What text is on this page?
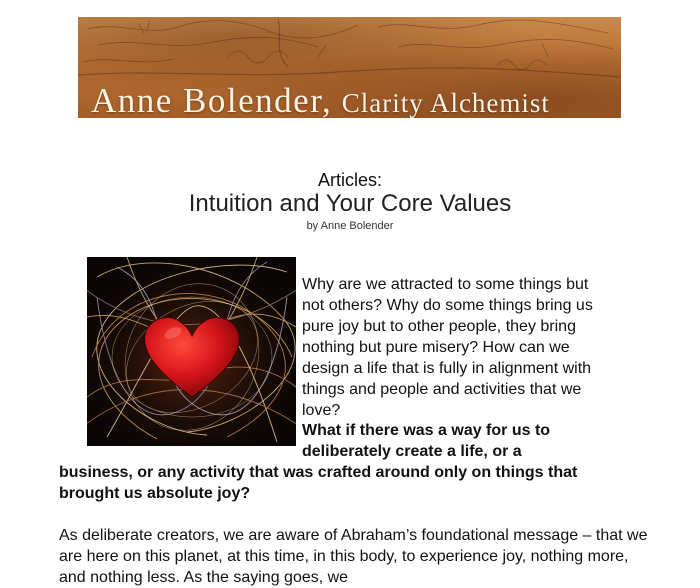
Anne Bolender, Clarity Alchemist
Articles:
Intuition and Your Core Values
by Anne Bolender

Why are we attracted to some things but not others? Why do some things bring us pure joy but to other people, they bring nothing but pure misery? How can we design a life that is fully in alignment with things and people and activities that we love?

What if there was a way for us to deliberately create a life, or a

business, or any activity that was crafted around only on things that brought us absolute joy?

As deliberate creators, we are aware of Abraham’s foundational message – that we are here on this planet, at this time, in this body, to experience joy, nothing more, and nothing less. As the saying goes, we
